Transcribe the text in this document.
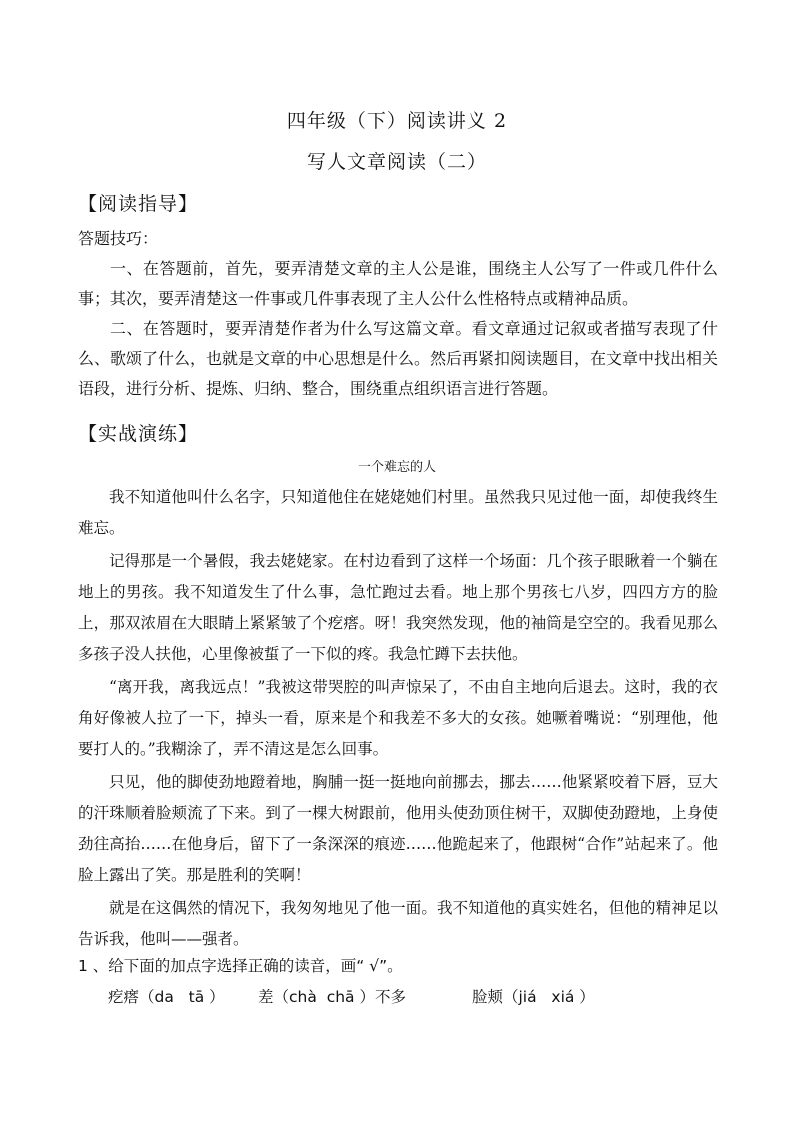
四年级（下）阅读讲义 2
写人文章阅读（二）
【阅读指导】

答题技巧：

一、在答题前，首先，要弄清楚文章的主人公是谁，围绕主人公写了一件或几件什么事；其次，要弄清楚这一件事或几件事表现了主人公什么性格特点或精神品质。

二、在答题时，要弄清楚作者为什么写这篇文章。看文章通过记叙或者描写表现了什么、歌颂了什么，也就是文章的中心思想是什么。然后再紧扣阅读题目，在文章中找出相关语段，进行分析、提炼、归纳、整合，围绕重点组织语言进行答题。

【实战演练】
一个难忘的人

我不知道他叫什么名字，只知道他住在姥姥她们村里。虽然我只见过他一面，却使我终生难忘。

记得那是一个暑假，我去姥姥家。在村边看到了这样一个场面：几个孩子眼瞅着一个躺在地上的男孩。我不知道发生了什么事，急忙跑过去看。地上那个男孩七八岁，四四方方的脸上，那双浓眉在大眼睛上紧紧皱了个疙瘩。呀！我突然发现，他的袖筒是空空的。我看见那么多孩子没人扶他，心里像被蜇了一下似的疼。我急忙蹲下去扶他。

“离开我，离我远点！”我被这带哭腔的叫声惊呆了，不由自主地向后退去。这时，我的衣角好像被人拉了一下，掉头一看，原来是个和我差不多大的女孩。她噘着嘴说：“别理他，他要打人的。”我糊涂了，弄不清这是怎么回事。

只见，他的脚使劲地蹬着地，胸脯一挺一挺地向前挪去，挪去……他紧紧咬着下唇，豆大的汗珠顺着脸颊流了下来。到了一棵大树跟前，他用头使劲顶住树干，双脚使劲蹬地，上身使劲往高抬……在他身后，留下了一条深深的痕迹……他跪起来了，他跟树“合作”站起来了。他脸上露出了笑。那是胜利的笑啊！

就是在这偶然的情况下，我匆匆地见了他一面。我不知道他的真实姓名，但他的精神足以告诉我，他叫——强者。

1 、给下面的加点字选择正确的读音，画“ √”。
疙瘩（da   tā ）	差（chà  chā ）不多	脸颊（jiá   xiá ）
